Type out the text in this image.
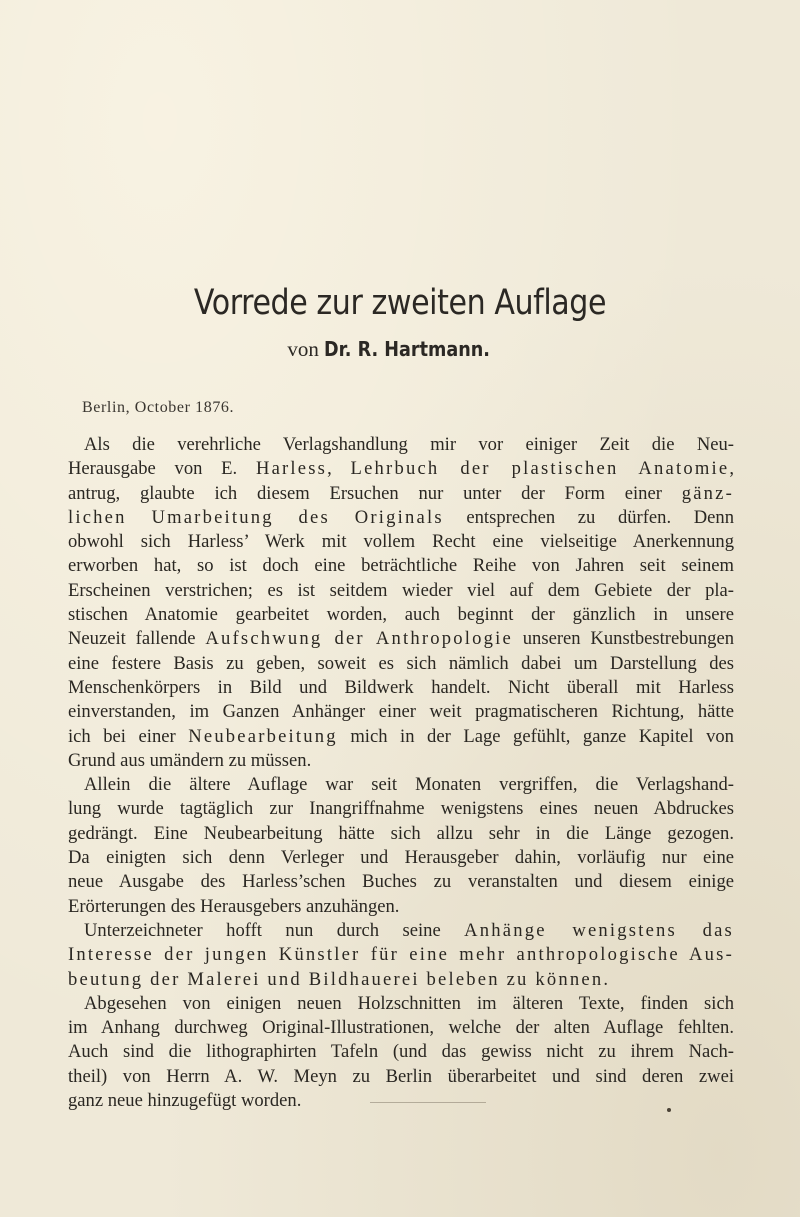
Vorrede zur zweiten Auflage
von Dr. R. Hartmann.
Berlin, October 1876.
Als die verehrliche Verlagshandlung mir vor einiger Zeit die Neu-
Herausgabe von E. Harless, Lehrbuch der plastischen Anatomie,
antrug, glaubte ich diesem Ersuchen nur unter der Form einer gänz-
lichen Umarbeitung des Originals entsprechen zu dürfen. Denn
obwohl sich Harless’ Werk mit vollem Recht eine vielseitige Anerkennung
erworben hat, so ist doch eine beträchtliche Reihe von Jahren seit seinem
Erscheinen verstrichen; es ist seitdem wieder viel auf dem Gebiete der pla-
stischen Anatomie gearbeitet worden, auch beginnt der gänzlich in unsere
Neuzeit fallende Aufschwung der Anthropologie unseren Kunstbestrebungen
eine festere Basis zu geben, soweit es sich nämlich dabei um Darstellung des
Menschenkörpers in Bild und Bildwerk handelt. Nicht überall mit Harless
einverstanden, im Ganzen Anhänger einer weit pragmatischeren Richtung, hätte
ich bei einer Neubearbeitung mich in der Lage gefühlt, ganze Kapitel von
Grund aus umändern zu müssen.
Allein die ältere Auflage war seit Monaten vergriffen, die Verlagshand-
lung wurde tagtäglich zur Inangriffnahme wenigstens eines neuen Abdruckes
gedrängt. Eine Neubearbeitung hätte sich allzu sehr in die Länge gezogen.
Da einigten sich denn Verleger und Herausgeber dahin, vorläufig nur eine
neue Ausgabe des Harless’schen Buches zu veranstalten und diesem einige
Erörterungen des Herausgebers anzuhängen.
Unterzeichneter hofft nun durch seine Anhänge wenigstens das
Interesse der jungen Künstler für eine mehr anthropologische Aus-
beutung der Malerei und Bildhauerei beleben zu können.
Abgesehen von einigen neuen Holzschnitten im älteren Texte, finden sich
im Anhang durchweg Original-Illustrationen, welche der alten Auflage fehlten.
Auch sind die lithographirten Tafeln (und das gewiss nicht zu ihrem Nach-
theil) von Herrn A. W. Meyn zu Berlin überarbeitet und sind deren zwei
ganz neue hinzugefügt worden.
